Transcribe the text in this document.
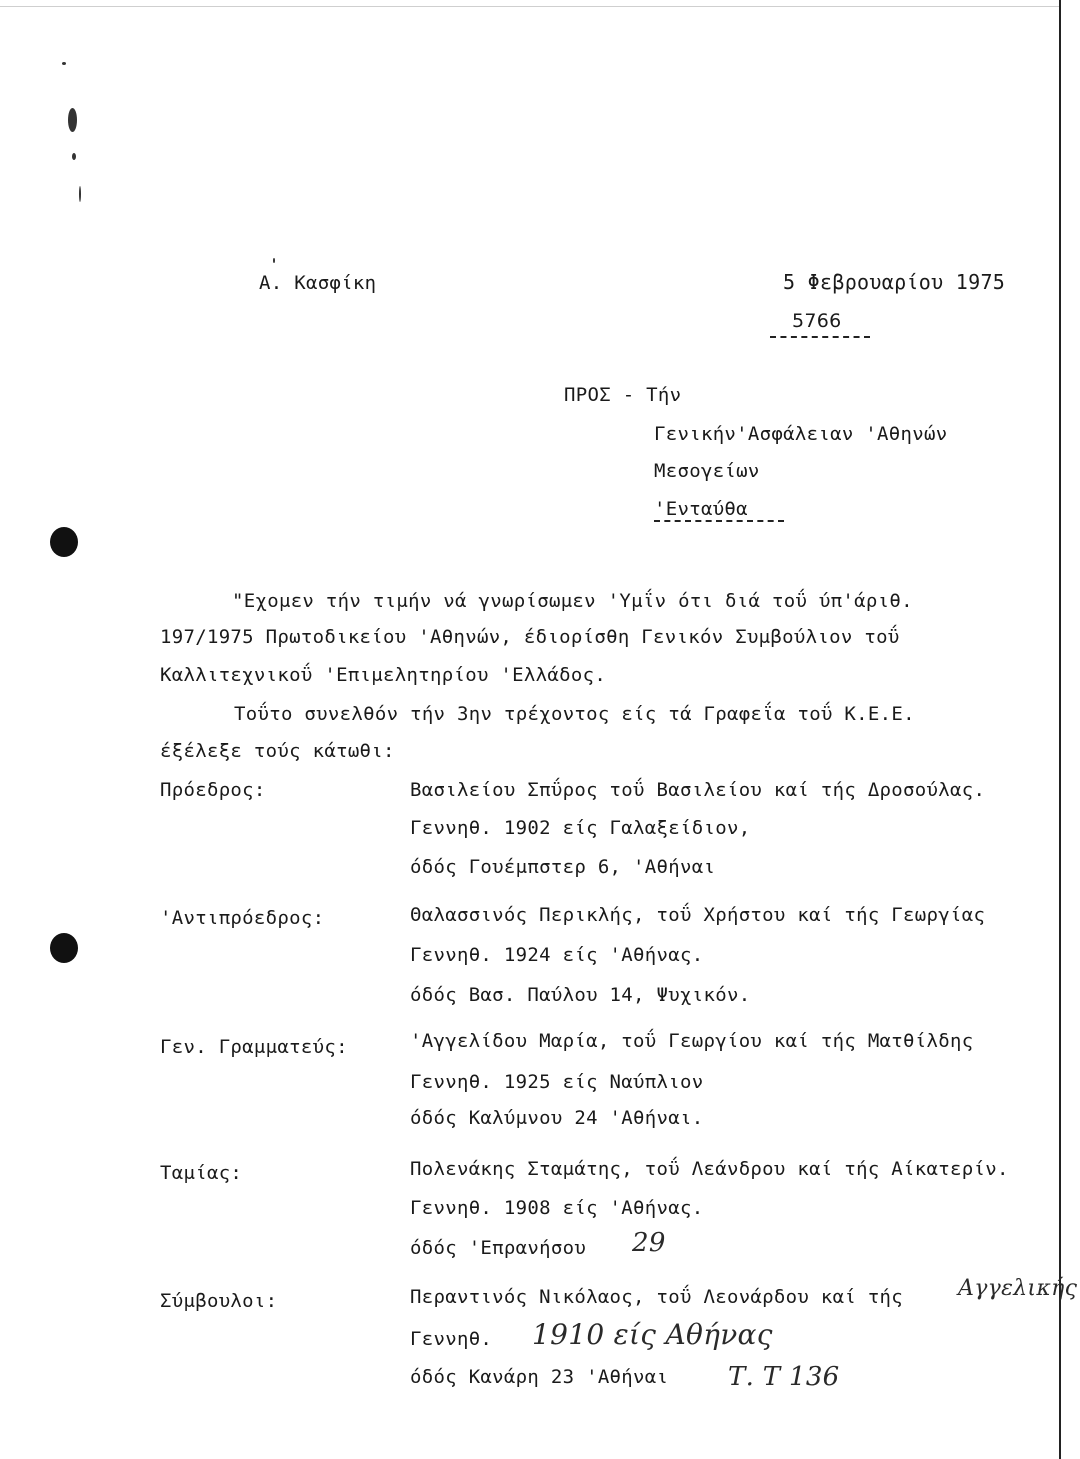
Α. Κασφίκη	5 Φεβρουαρίου 1975
5766
ΠΡΟΣ - Τήν
Γενικήν'Ασφάλειαν 'Αθηνών
Μεσογείων
'Ενταύθα
"Εχομεν τήν τιμήν νά γνωρίσωμεν 'Υμΐν ότι διά τοΰ ύπ'άριθ.
197/1975 Πρωτοδικείου 'Αθηνών, έδιορίσθη Γενικόν Συμβούλιον τοΰ
Καλλιτεχνικοΰ 'Επιμελητηρίου 'Ελλάδος.
Τοΰτο συνελθόν τήν 3ην τρέχοντος είς τά Γραφεΐα τοΰ Κ.Ε.Ε.
έξέλεξε τούς κάτωθι:
Πρόεδρος:	Βασιλείου Σπΰρος τοΰ Βασιλείου καί τής Δροσούλας.
Γεννηθ. 1902 είς Γαλαξείδιον,
όδός Γουέμπστερ 6, 'Αθήναι
'Αντιπρόεδρος:	Θαλασσινός Περικλής, τοΰ Χρήστου καί τής Γεωργίας
Γεννηθ. 1924 είς 'Αθήνας.
όδός Βασ. Παύλου 14, Ψυχικόν.
Γεν. Γραμματεύς:	'Αγγελίδου Μαρία, τοΰ Γεωργίου καί τής Ματθίλδης
Γεννηθ. 1925 είς Ναύπλιον
όδός Καλύμνου 24 'Αθήναι.
Ταμίας:	Πολενάκης Σταμάτης, τοΰ Λεάνδρου καί τής Αίκατερίν.
Γεννηθ. 1908 είς 'Αθήνας.
όδός 'Επρανήσου 29
Σύμβουλοι:	Περαντινός Νικόλαος, τοΰ Λεονάρδου καί τής Αγγελικής
Γεννηθ. 1910 είς Αθήνας
όδός Κανάρη 23 'Αθήναι Τ. Τ 136
